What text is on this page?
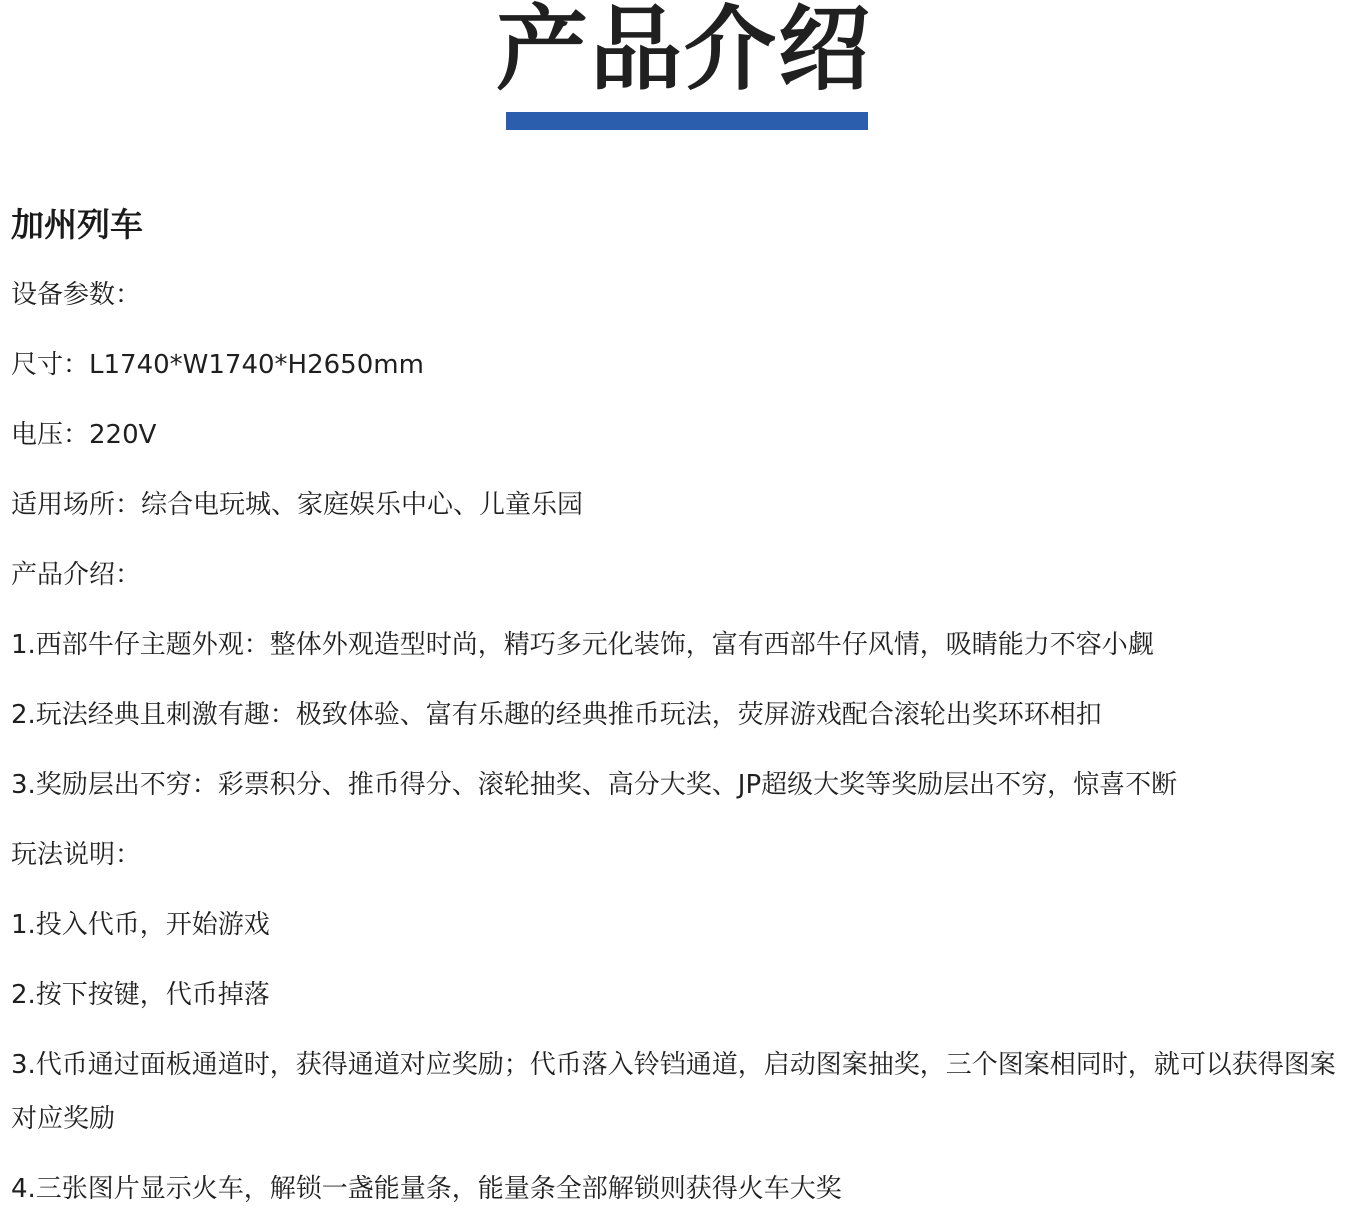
产品介绍
加州列车

设备参数：

尺寸：L1740*W1740*H2650mm

电压：220V

适用场所：综合电玩城、家庭娱乐中心、儿童乐园

产品介绍：

1.西部牛仔主题外观：整体外观造型时尚，精巧多元化装饰，富有西部牛仔风情，吸睛能力不容小觑

2.玩法经典且刺激有趣：极致体验、富有乐趣的经典推币玩法，荧屏游戏配合滚轮出奖环环相扣

3.奖励层出不穷：彩票积分、推币得分、滚轮抽奖、高分大奖、JP超级大奖等奖励层出不穷，惊喜不断

玩法说明：

1.投入代币，开始游戏

2.按下按键，代币掉落

3.代币通过面板通道时，获得通道对应奖励；代币落入铃铛通道，启动图案抽奖，三个图案相同时，就可以获得图案对应奖励

4.三张图片显示火车，解锁一盏能量条，能量条全部解锁则获得火车大奖
